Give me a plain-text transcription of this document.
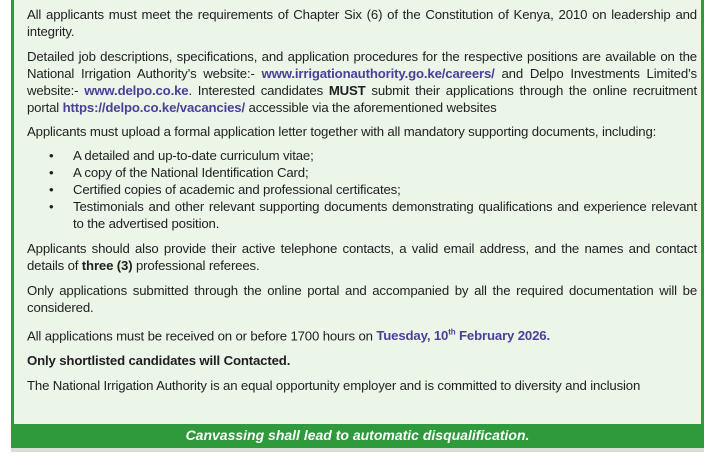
All applicants must meet the requirements of Chapter Six (6) of the Constitution of Kenya, 2010 on leadership and integrity.

Detailed job descriptions, specifications, and application procedures for the respective positions are available on the National Irrigation Authority’s website:- www.irrigationauthority.go.ke/careers/ and Delpo Investments Limited’s website:- www.delpo.co.ke. Interested candidates MUST submit their applications through the online recruitment portal https://delpo.co.ke/vacancies/ accessible via the aforementioned websites

Applicants must upload a formal application letter together with all mandatory supporting documents, including:

• A detailed and up-to-date curriculum vitae;
• A copy of the National Identification Card;
• Certified copies of academic and professional certificates;
• Testimonials and other relevant supporting documents demonstrating qualifications and experience relevant to the advertised position.

Applicants should also provide their active telephone contacts, a valid email address, and the names and contact details of three (3) professional referees.

Only applications submitted through the online portal and accompanied by all the required documentation will be considered.

All applications must be received on or before 1700 hours on Tuesday, 10th February 2026.

Only shortlisted candidates will Contacted.

The National Irrigation Authority is an equal opportunity employer and is committed to diversity and inclusion

Canvassing shall lead to automatic disqualification.
